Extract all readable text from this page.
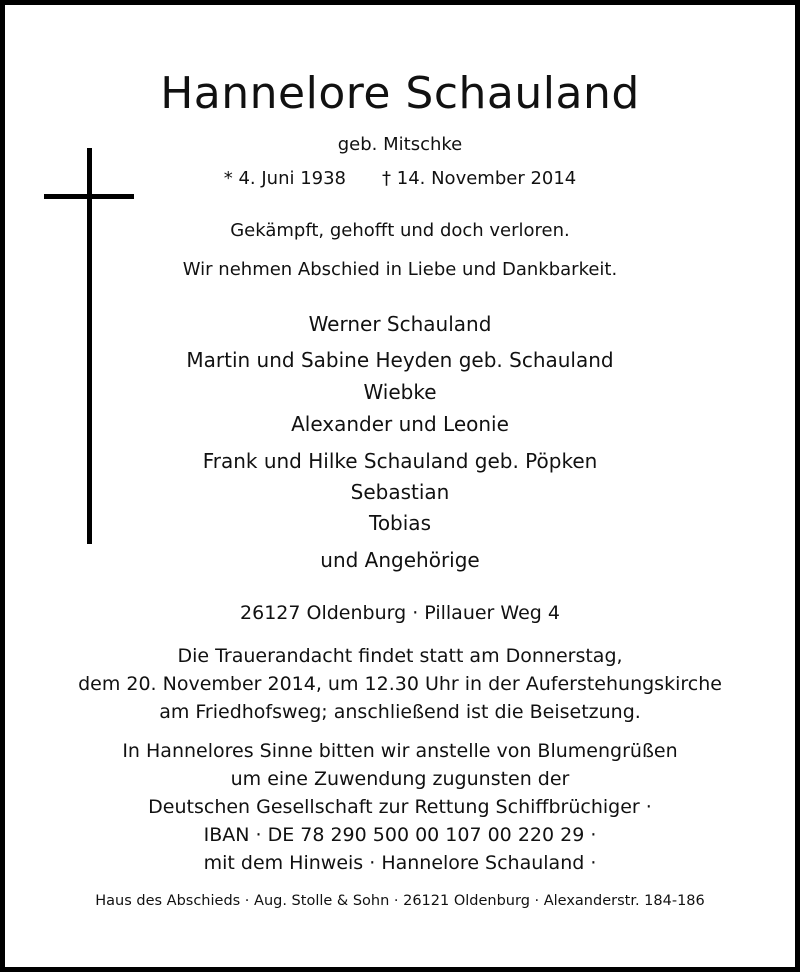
Hannelore Schauland
geb. Mitschke
* 4. Juni 1938 † 14. November 2014
Gekämpft, gehofft und doch verloren.
Wir nehmen Abschied in Liebe und Dankbarkeit.
Werner Schauland
Martin und Sabine Heyden geb. Schauland
Wiebke
Alexander und Leonie
Frank und Hilke Schauland geb. Pöpken
Sebastian
Tobias
und Angehörige
26127 Oldenburg · Pillauer Weg 4
Die Trauerandacht findet statt am Donnerstag,
dem 20. November 2014, um 12.30 Uhr in der Auferstehungskirche
am Friedhofsweg; anschließend ist die Beisetzung.
In Hannelores Sinne bitten wir anstelle von Blumengrüßen
um eine Zuwendung zugunsten der
Deutschen Gesellschaft zur Rettung Schiffbrüchiger ·
IBAN · DE 78 290 500 00 107 00 220 29 ·
mit dem Hinweis · Hannelore Schauland ·
Haus des Abschieds · Aug. Stolle & Sohn · 26121 Oldenburg · Alexanderstr. 184-186
